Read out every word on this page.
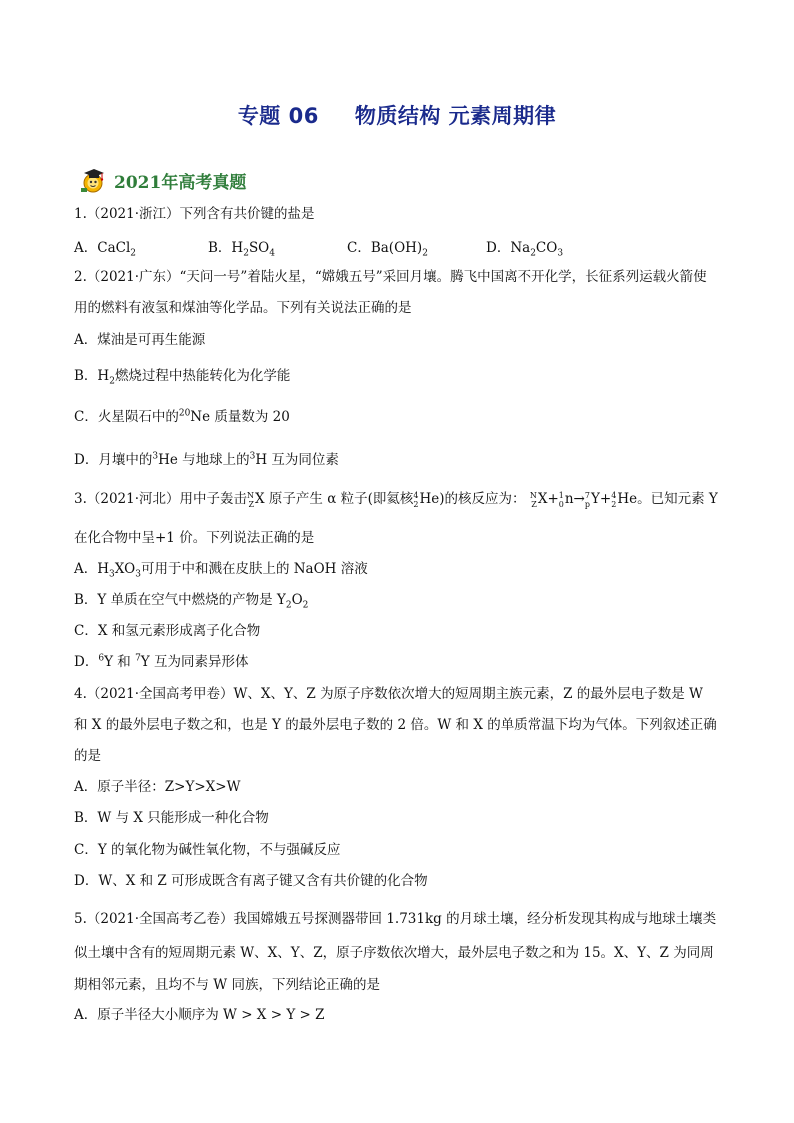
专题 06 物质结构 元素周期律
2021年高考真题
1.（2021·浙江）下列含有共价键的盐是
A．CaCl$_2$	B．$H_2SO_4$	C．$Ba(OH)_2$	D．$Na_2CO_3$
2.（2021·广东）“天问一号”着陆火星，“嫦娥五号”采回月壤。腾飞中国离不开化学，长征系列运载火箭使
用的燃料有液氢和煤油等化学品。下列有关说法正确的是
A．煤油是可再生能源
B．$H_2$燃烧过程中热能转化为化学能
C．火星陨石中的$^{20}$Ne 质量数为 20
D．月壤中的$^3$He 与地球上的$^3$H 互为同位素
3.（2021·河北）用中子轰击 N
Z X 原子产生 α 粒子(即氦核 4
2 He)的核反应为： N
Z X+ 1
0 n→ 7
p Y+ 4
2 He。已知元素 Y
在化合物中呈+1 价。下列说法正确的是
A．$H_3XO_3$可用于中和溅在皮肤上的 NaOH 溶液
B．Y 单质在空气中燃烧的产物是 $Y_2O_2$
C．X 和氢元素形成离子化合物
D．$^6$Y 和 $^7$Y 互为同素异形体
4.（2021·全国高考甲卷）W、X、Y、Z 为原子序数依次增大的短周期主族元素，Z 的最外层电子数是 W
和 X 的最外层电子数之和，也是 Y 的最外层电子数的 2 倍。W 和 X 的单质常温下均为气体。下列叙述正确
的是
A．原子半径：Z>Y>X>W
B．W 与 X 只能形成一种化合物
C．Y 的氧化物为碱性氧化物，不与强碱反应
D．W、X 和 Z 可形成既含有离子键又含有共价键的化合物
5.（2021·全国高考乙卷）我国嫦娥五号探测器带回 1.731kg 的月球土壤，经分析发现其构成与地球土壤类
似土壤中含有的短周期元素 W、X、Y、Z，原子序数依次增大，最外层电子数之和为 15。X、Y、Z 为同周
期相邻元素，且均不与 W 同族，下列结论正确的是
A．原子半径大小顺序为 W > X > Y > Z
